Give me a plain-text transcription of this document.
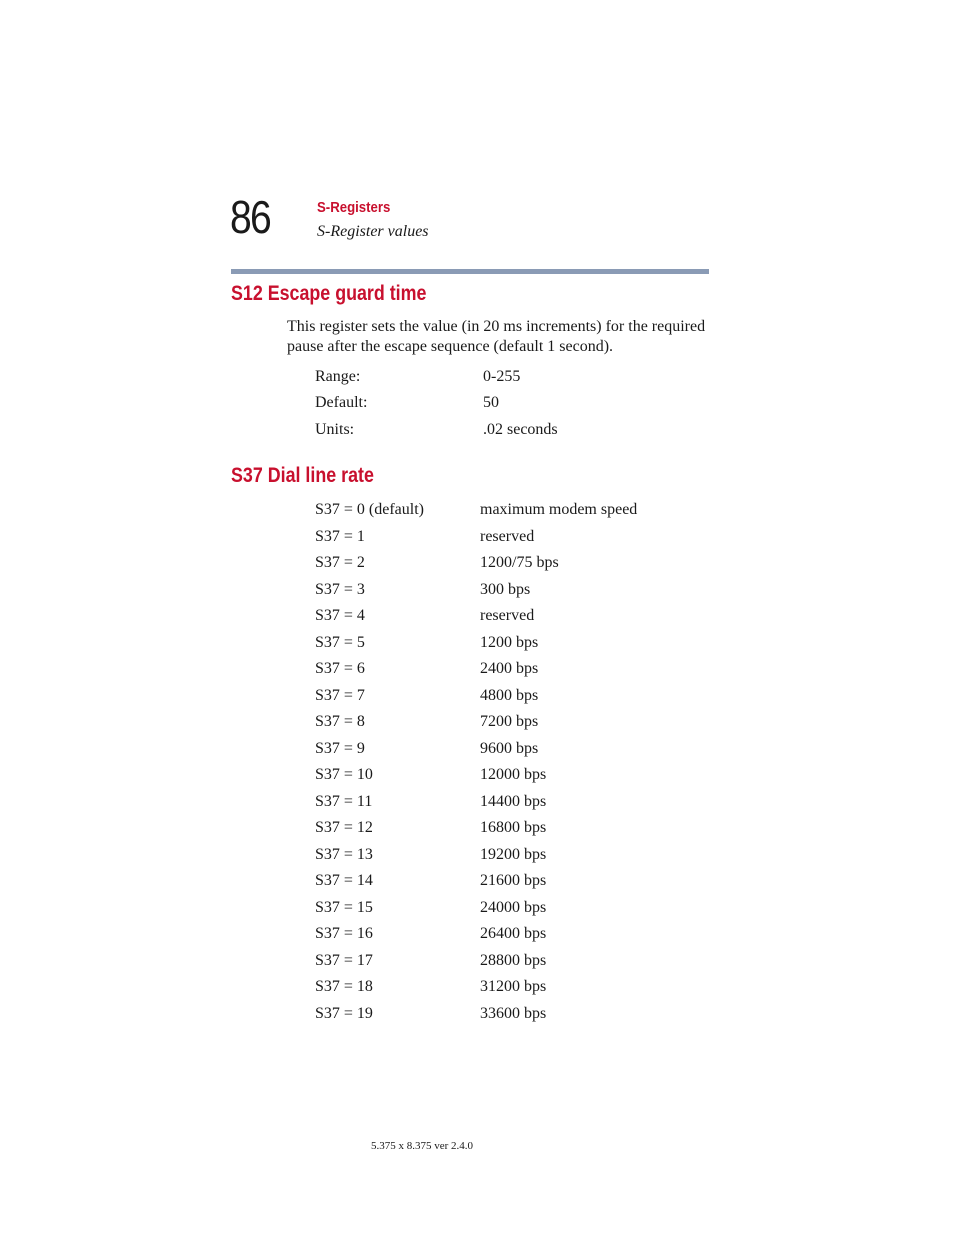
86	S-Registers
S-Register values
S12 Escape guard time
This register sets the value (in 20 ms increments) for the required pause after the escape sequence (default 1 second).
Range:	0-255
Default:	50
Units:	.02 seconds
S37 Dial line rate
S37 = 0 (default)	maximum modem speed
S37 = 1	reserved
S37 = 2	1200/75 bps
S37 = 3	300 bps
S37 = 4	reserved
S37 = 5	1200 bps
S37 = 6	2400 bps
S37 = 7	4800 bps
S37 = 8	7200 bps
S37 = 9	9600 bps
S37 = 10	12000 bps
S37 = 11	14400 bps
S37 = 12	16800 bps
S37 = 13	19200 bps
S37 = 14	21600 bps
S37 = 15	24000 bps
S37 = 16	26400 bps
S37 = 17	28800 bps
S37 = 18	31200 bps
S37 = 19	33600 bps
5.375 x 8.375 ver 2.4.0
